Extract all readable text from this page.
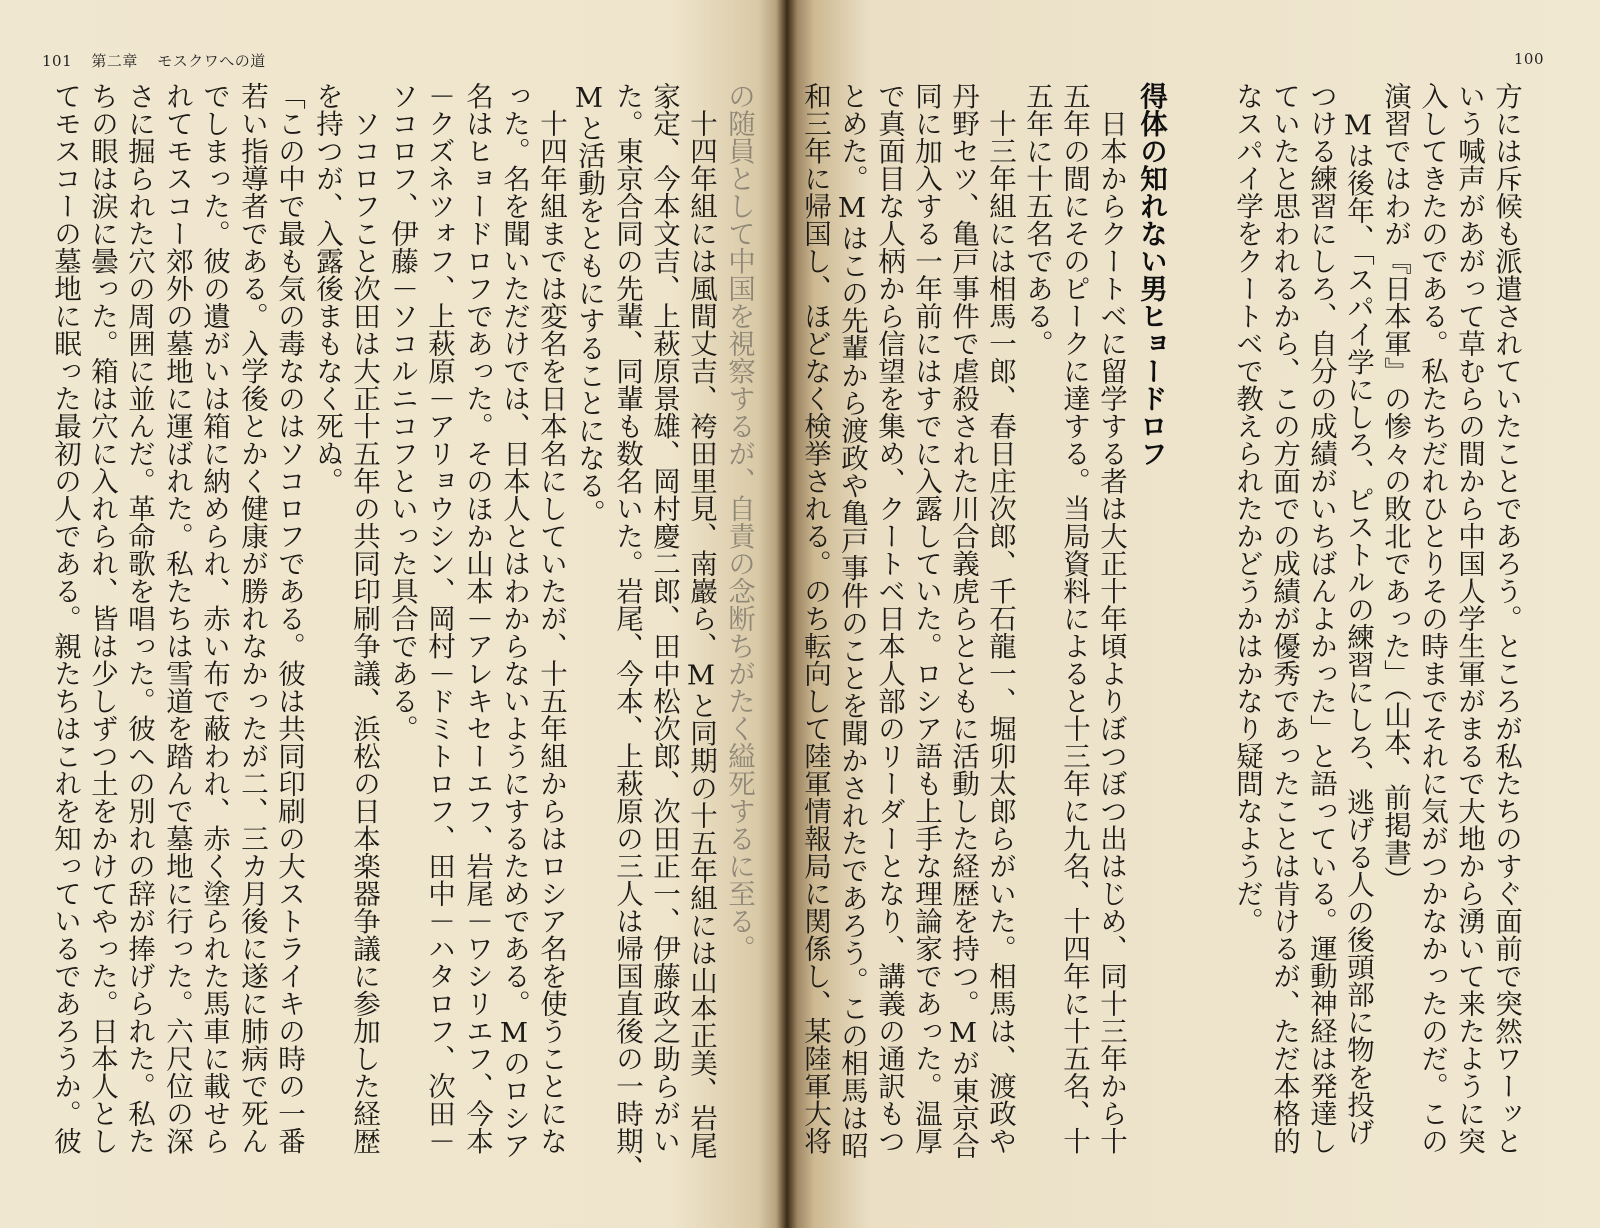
101 第二章 モスクワへの道
の随員として中国を視察するが、自責の念断ちがたく縊死するに至る。
　十四年組には風間丈吉、袴田里見、南巖ら、Mと同期の十五年組には山本正美、岩尾
家定、今本文吉、上萩原景雄、岡村慶二郎、田中松次郎、次田正一、伊藤政之助らがい
た。東京合同の先輩、同輩も数名いた。岩尾、今本、上萩原の三人は帰国直後の一時期、
Mと活動をともにすることになる。
　十四年組までは変名を日本名にしていたが、十五年組からはロシア名を使うことにな
った。名を聞いただけでは、日本人とはわからないようにするためである。Mのロシア
名はヒョードロフであった。そのほか山本－アレキセーエフ、岩尾－ワシリエフ、今本
－クズネツォフ、上萩原－アリョウシン、岡村－ドミトロフ、田中－ハタロフ、次田－
ソコロフ、伊藤－ソコルニコフといった具合である。
　ソコロフこと次田は大正十五年の共同印刷争議、浜松の日本楽器争議に参加した経歴
を持つが、入露後まもなく死ぬ。
「この中で最も気の毒なのはソコロフである。彼は共同印刷の大ストライキの時の一番
若い指導者である。入学後とかく健康が勝れなかったが二、三カ月後に遂に肺病で死ん
でしまった。彼の遺がいは箱に納められ、赤い布で蔽われ、赤く塗られた馬車に載せら
れてモスコー郊外の墓地に運ばれた。私たちは雪道を踏んで墓地に行った。六尺位の深
さに掘られた穴の周囲に並んだ。革命歌を唱った。彼への別れの辞が捧げられた。私た
ちの眼は涙に曇った。箱は穴に入れられ、皆は少しずつ土をかけてやった。日本人とし
てモスコーの墓地に眠った最初の人である。親たちはこれを知っているであろうか。彼
100
方には斥候も派遣されていたことであろう。ところが私たちのすぐ面前で突然ワーッと
いう喊声があがって草むらの間から中国人学生軍がまるで大地から湧いて来たように突
入してきたのである。私たちだれひとりその時までそれに気がつかなかったのだ。この
演習ではわが『日本軍』の惨々の敗北であった」（山本、前掲書）
　Mは後年、「スパイ学にしろ、ピストルの練習にしろ、逃げる人の後頭部に物を投げ
つける練習にしろ、自分の成績がいちばんよかった」と語っている。運動神経は発達し
ていたと思われるから、この方面での成績が優秀であったことは肯けるが、ただ本格的
なスパイ学をクートベで教えられたかどうかはかなり疑問なようだ。
得体の知れない男ヒョードロフ
　日本からクートベに留学する者は大正十年頃よりぼつぼつ出はじめ、同十三年から十
五年の間にそのピークに達する。当局資料によると十三年に九名、十四年に十五名、十
五年に十五名である。
　十三年組には相馬一郎、春日庄次郎、千石龍一、堀卯太郎らがいた。相馬は、渡政や
丹野セツ、亀戸事件で虐殺された川合義虎らとともに活動した経歴を持つ。Mが東京合
同に加入する一年前にはすでに入露していた。ロシア語も上手な理論家であった。温厚
で真面目な人柄から信望を集め、クートベ日本人部のリーダーとなり、講義の通訳もつ
とめた。Mはこの先輩から渡政や亀戸事件のことを聞かされたであろう。この相馬は昭
和三年に帰国し、ほどなく検挙される。のち転向して陸軍情報局に関係し、某陸軍大将
